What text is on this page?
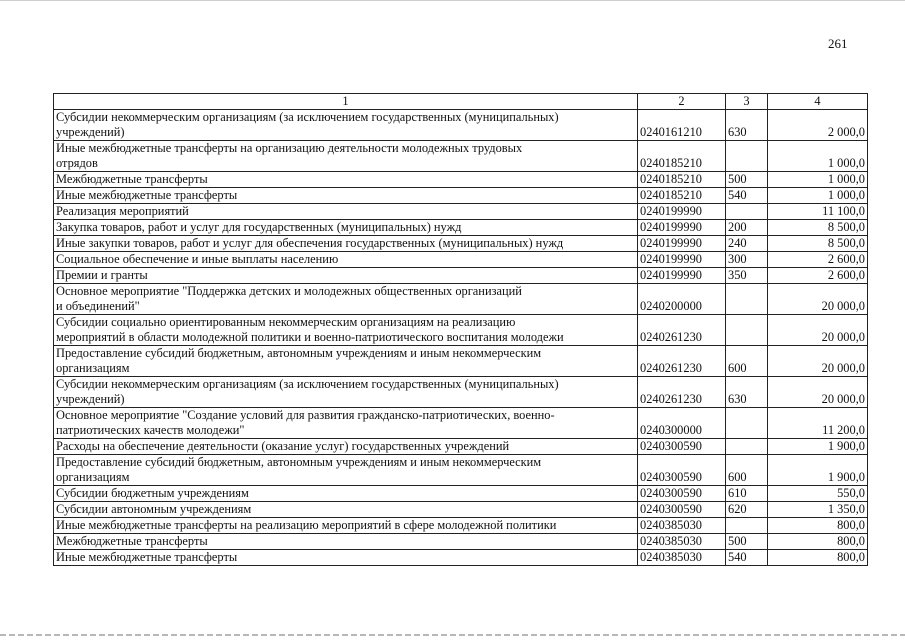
261
1	2	3	4

Субсидии некоммерческим организациям (за исключением государственных (муниципальных)
учреждений)	0240161210	630	2 000,0

Иные межбюджетные трансферты на организацию деятельности молодежных трудовых
отрядов	0240185210		1 000,0

Межбюджетные трансферты	0240185210	500	1 000,0

Иные межбюджетные трансферты	0240185210	540	1 000,0

Реализация мероприятий	0240199990		11 100,0

Закупка товаров, работ и услуг для государственных (муниципальных) нужд	0240199990	200	8 500,0

Иные закупки товаров, работ и услуг для обеспечения государственных (муниципальных) нужд	0240199990	240	8 500,0

Социальное обеспечение и иные выплаты населению	0240199990	300	2 600,0

Премии и гранты	0240199990	350	2 600,0

Основное мероприятие "Поддержка детских и молодежных общественных организаций
и объединений"	0240200000		20 000,0

Субсидии социально ориентированным некоммерческим организациям на реализацию
мероприятий в области молодежной политики и военно-патриотического воспитания молодежи	0240261230		20 000,0

Предоставление субсидий бюджетным, автономным учреждениям и иным некоммерческим
организациям	0240261230	600	20 000,0

Субсидии некоммерческим организациям (за исключением государственных (муниципальных)
учреждений)	0240261230	630	20 000,0

Основное мероприятие "Создание условий для развития гражданско-патриотических, военно-
патриотических качеств молодежи"	0240300000		11 200,0

Расходы на обеспечение деятельности (оказание услуг) государственных учреждений	0240300590		1 900,0

Предоставление субсидий бюджетным, автономным учреждениям и иным некоммерческим
организациям	0240300590	600	1 900,0

Субсидии бюджетным учреждениям	0240300590	610	550,0

Субсидии автономным учреждениям	0240300590	620	1 350,0

Иные межбюджетные трансферты на реализацию мероприятий в сфере молодежной политики	0240385030		800,0

Межбюджетные трансферты	0240385030	500	800,0

Иные межбюджетные трансферты	0240385030	540	800,0
